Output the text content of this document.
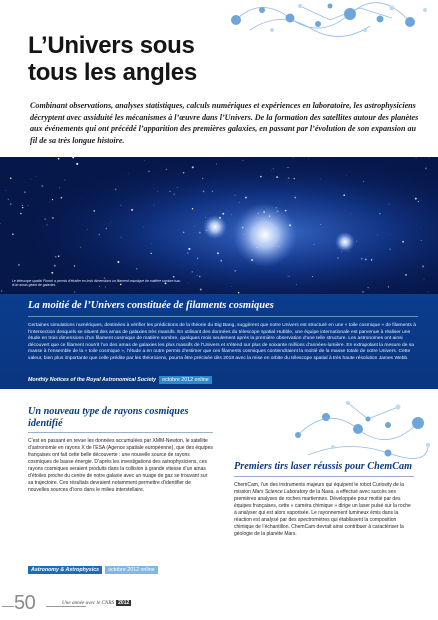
L’Univers sous tous les angles

Combinant observations, analyses statistiques, calculs numériques et expériences en laboratoire, les astrophysiciens décryptent avec assiduité les mécanismes à l’œuvre dans l’Univers. De la formation des satellites autour des planètes aux événements qui ont précédé l’apparition des premières galaxies, en passant par l’évolution de son expansion au fil de sa très longue histoire.

Le télescope spatial Planck a permis d’étudier en trois dimensions un filament cosmique de matière sombre issu d’un amas géant de galaxies.

La moitié de l’Univers constituée de filaments cosmiques

Certaines simulations numériques, destinées à vérifier les prédictions de la théorie du Big Bang, suggèrent que notre Univers est structuré en une « toile cosmique » de filaments à l’intersection desquels se situent des amas de galaxies très massifs. En utilisant des données du télescope spatial Hubble, une équipe internationale est parvenue à réaliser une étude en trois dimensions d’un filament cosmique de matière sombre, quelques mois seulement après la première observation d’une telle structure. Les astronomes ont ainsi découvert que ce filament nourrit l’un des amas de galaxies les plus massifs de l’Univers et s’étend sur plus de soixante millions d’années-lumière. En extrapolant la mesure de sa masse à l’ensemble de la « toile cosmique », l’étude a en outre permis d’estimer que ces filaments cosmiques contiendraient la moitié de la masse totale de notre Univers. Cette valeur, bien plus importante que celle prédite par les théoriciens, pourra être précisée dès 2018 avec la mise en orbite du télescope spatial à très haute résolution James Webb.

Monthly Notices of the Royal Astronomical Society	octobre 2012 online
Un nouveau type de rayons cosmiques identifié

C’est en passant en revue les données accumulées par XMM-Newton, le satellite d’astronomie en rayons X de l’ESA (Agence spatiale européenne), que des équipes françaises ont fait cette belle découverte : une nouvelle source de rayons cosmiques de basse énergie. D’après les investigations des astrophysiciens, ces rayons cosmiques seraient produits dans la collision à grande vitesse d’un amas d’étoiles proche du centre de notre galaxie avec un nuage de gaz se trouvant sur sa trajectoire. Ces résultats devraient notamment permettre d’identifier de nouvelles sources d’ions dans le milieu interstellaire.

Astronomy & Astrophysics	octobre 2012 online
Premiers tirs laser réussis pour ChemCam

ChemCam, l’un des instruments majeurs qui équipent le robot Curiosity de la mission Mars Science Laboratory de la Nasa, a effectué avec succès ses premières analyses de roches martiennes. Développée pour moitié par des équipes françaises, cette « caméra chimique » dirige un laser pulsé sur la roche à analyser qui est alors vaporisée. Le rayonnement lumineux émis dans la réaction est analysé par des spectromètres qui établissent la composition chimique de l’échantillon. ChemCam devrait ainsi contribuer à caractériser la géologie de la planète Mars.

50	Une année avec le CNRS 2012
